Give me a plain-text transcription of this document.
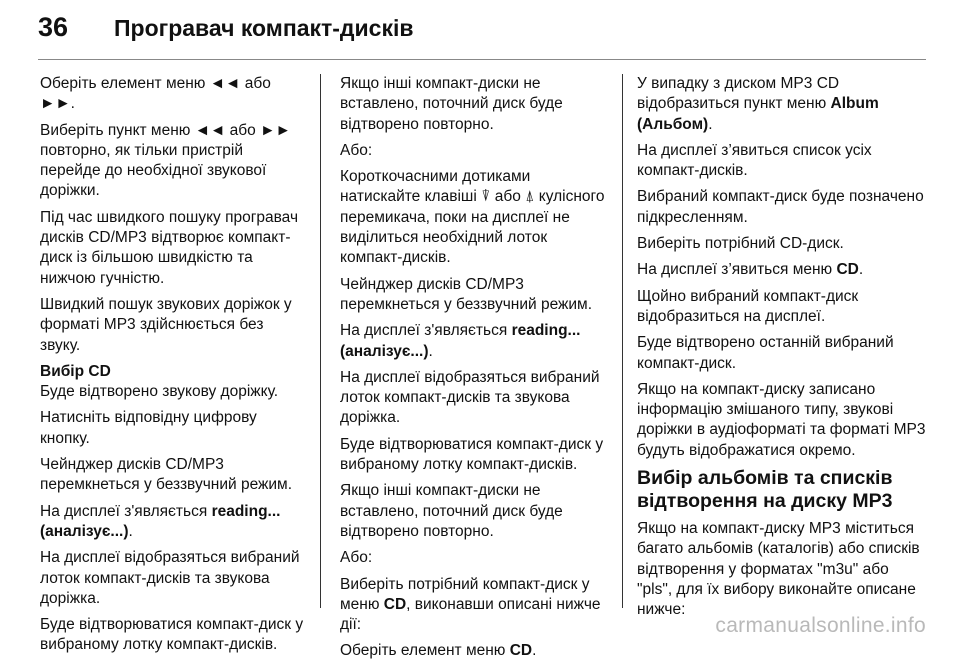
36	Програвач компакт-дисків

Оберіть елемент меню ◄◄ або ►►.

Виберіть пункт меню ◄◄ або ►► повторно, як тільки пристрій перейде до необхідної звукової доріжки.

Під час швидкого пошуку програвач дисків CD/MP3 відтворює компакт-диск із більшою швидкістю та нижчою гучністю.

Швидкий пошук звукових доріжок у форматі MP3 здійснюється без звуку.

Вибір CD

Буде відтворено звукову доріжку.

Натисніть відповідну цифрову кнопку.

Чейнджер дисків CD/MP3 перемкнеться у беззвучний режим.

На дисплеї з'являється reading... (аналізує...).

На дисплеї відобразяться вибраний лоток компакт-дисків та звукова доріжка.

Буде відтворюватися компакт-диск у вибраному лотку компакт-дисків.

Якщо інші компакт-диски не вставлено, поточний диск буде відтворено повторно.

Або:

Короткочасними дотиками натискайте клавіші ⍒ або ⍋ кулісного перемикача, поки на дисплеї не виділиться необхідний лоток компакт-дисків.

Чейнджер дисків CD/MP3 перемкнеться у беззвучний режим.

На дисплеї з'являється reading... (аналізує...).

На дисплеї відобразяться вибраний лоток компакт-дисків та звукова доріжка.

Буде відтворюватися компакт-диск у вибраному лотку компакт-дисків.

Якщо інші компакт-диски не вставлено, поточний диск буде відтворено повторно.

Або:

Виберіть потрібний компакт-диск у меню CD, виконавши описані нижче дії:

Оберіть елемент меню CD.

У випадку з диском MP3 CD відобразиться пункт меню Album (Альбом).

На дисплеї з’явиться список усіх компакт-дисків.

Вибраний компакт-диск буде позначено підкресленням.

Виберіть потрібний CD-диск.

На дисплеї з’явиться меню CD.

Щойно вибраний компакт-диск відобразиться на дисплеї.

Буде відтворено останній вибраний компакт-диск.

Якщо на компакт-диску записано інформацію змішаного типу, звукові доріжки в аудіоформаті та форматі MP3 будуть відображатися окремо.

Вибір альбомів та списків відтворення на диску MP3

Якщо на компакт-диску MP3 міститься багато альбомів (каталогів) або списків відтворення у форматах "m3u" або "pls", для їх вибору виконайте описане нижче:

carmanualsonline.info
